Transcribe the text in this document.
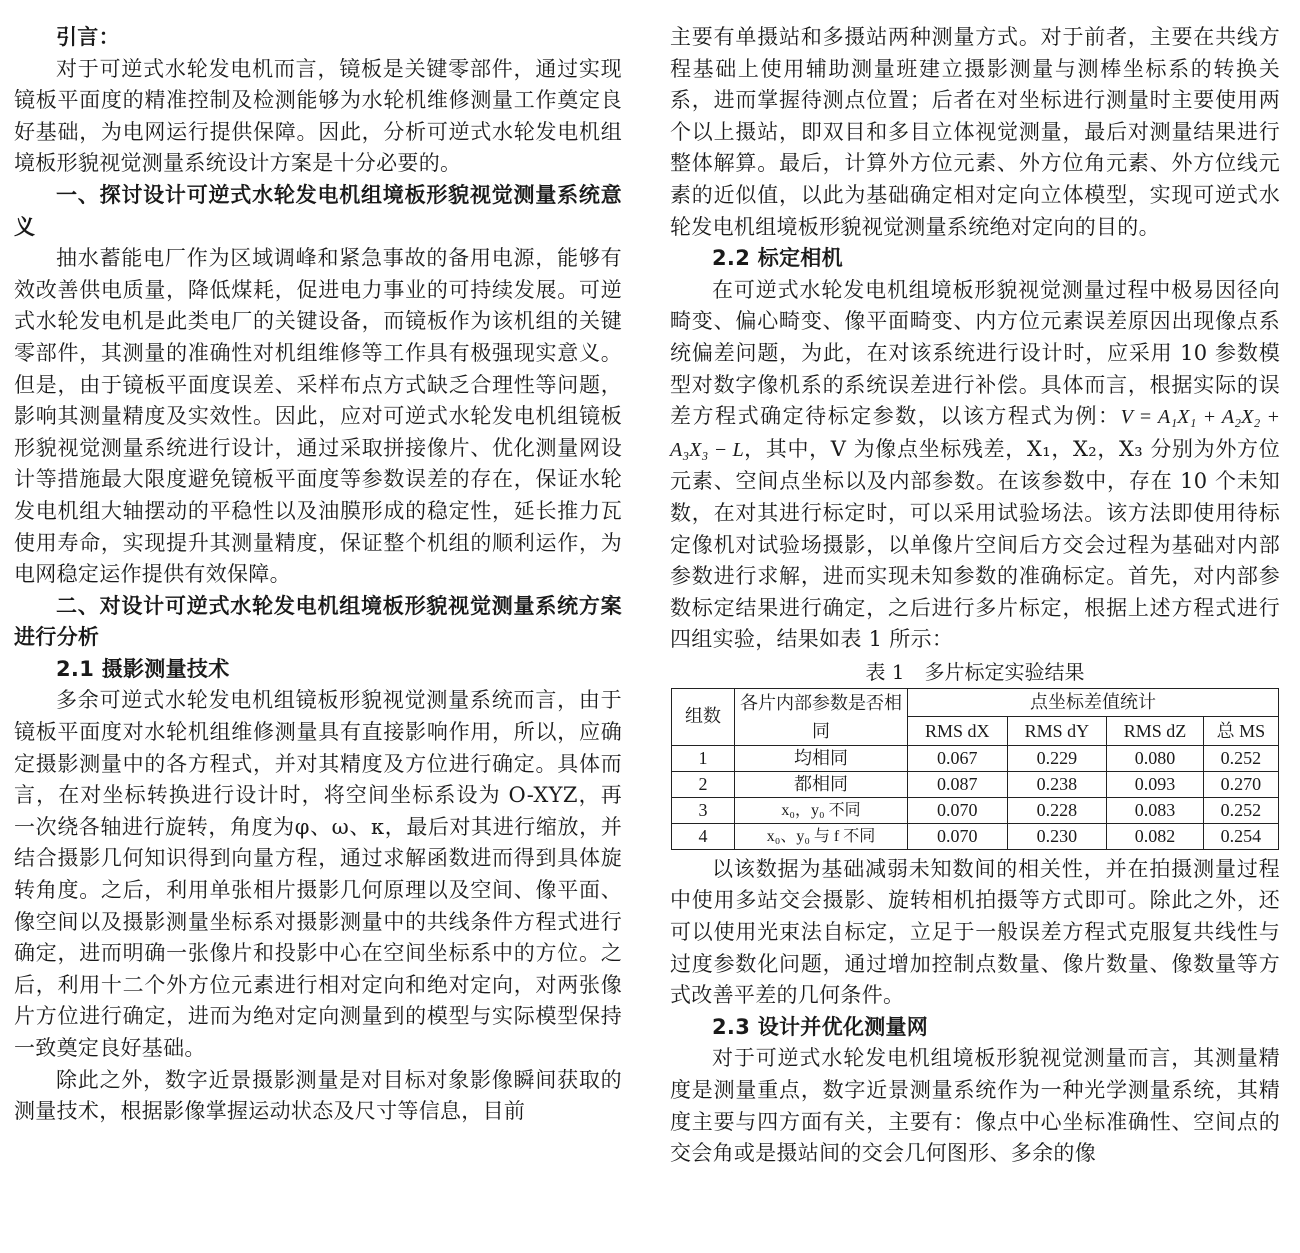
引言：

对于可逆式水轮发电机而言，镜板是关键零部件，通过实现镜板平面度的精准控制及检测能够为水轮机维修测量工作奠定良好基础，为电网运行提供保障。因此，分析可逆式水轮发电机组境板形貌视觉测量系统设计方案是十分必要的。

一、探讨设计可逆式水轮发电机组境板形貌视觉测量系统意义

抽水蓄能电厂作为区域调峰和紧急事故的备用电源，能够有效改善供电质量，降低煤耗，促进电力事业的可持续发展。可逆式水轮发电机是此类电厂的关键设备，而镜板作为该机组的关键零部件，其测量的准确性对机组维修等工作具有极强现实意义。但是，由于镜板平面度误差、采样布点方式缺乏合理性等问题，影响其测量精度及实效性。因此，应对可逆式水轮发电机组镜板形貌视觉测量系统进行设计，通过采取拼接像片、优化测量网设计等措施最大限度避免镜板平面度等参数误差的存在，保证水轮发电机组大轴摆动的平稳性以及油膜形成的稳定性，延长推力瓦使用寿命，实现提升其测量精度，保证整个机组的顺利运作，为电网稳定运作提供有效保障。

二、对设计可逆式水轮发电机组境板形貌视觉测量系统方案进行分析
2.1 摄影测量技术

多余可逆式水轮发电机组镜板形貌视觉测量系统而言，由于镜板平面度对水轮机组维修测量具有直接影响作用，所以，应确定摄影测量中的各方程式，并对其精度及方位进行确定。具体而言，在对坐标转换进行设计时，将空间坐标系设为 O-XYZ，再一次绕各轴进行旋转，角度为φ、ω、κ，最后对其进行缩放，并结合摄影几何知识得到向量方程，通过求解函数进而得到具体旋转角度。之后，利用单张相片摄影几何原理以及空间、像平面、像空间以及摄影测量坐标系对摄影测量中的共线条件方程式进行确定，进而明确一张像片和投影中心在空间坐标系中的方位。之后，利用十二个外方位元素进行相对定向和绝对定向，对两张像片方位进行确定，进而为绝对定向测量到的模型与实际模型保持一致奠定良好基础。

除此之外，数字近景摄影测量是对目标对象影像瞬间获取的测量技术，根据影像掌握运动状态及尺寸等信息，目前

主要有单摄站和多摄站两种测量方式。对于前者，主要在共线方程基础上使用辅助测量班建立摄影测量与测棒坐标系的转换关系，进而掌握待测点位置；后者在对坐标进行测量时主要使用两个以上摄站，即双目和多目立体视觉测量，最后对测量结果进行整体解算。最后，计算外方位元素、外方位角元素、外方位线元素的近似值，以此为基础确定相对定向立体模型，实现可逆式水轮发电机组境板形貌视觉测量系统绝对定向的目的。

2.2 标定相机

在可逆式水轮发电机组境板形貌视觉测量过程中极易因径向畸变、偏心畸变、像平面畸变、内方位元素误差原因出现像点系统偏差问题，为此，在对该系统进行设计时，应采用 10 参数模型对数字像机系的系统误差进行补偿。具体而言，根据实际的误差方程式确定待标定参数，以该方程式为例：V = A₁X₁ + A₂X₂ + A₃X₃ − L，其中，V 为像点坐标残差，X₁，X₂，X₃ 分别为外方位元素、空间点坐标以及内部参数。在该参数中，存在 10 个未知数，在对其进行标定时，可以采用试验场法。该方法即使用待标定像机对试验场摄影，以单像片空间后方交会过程为基础对内部参数进行求解，进而实现未知参数的准确标定。首先，对内部参数标定结果进行确定，之后进行多片标定，根据上述方程式进行四组实验，结果如表 1 所示：

表 1　多片标定实验结果
组数	各片内部参数是否相同	点坐标差值统计			
		RMS dX	RMS dY	RMS dZ	总 MS
1	均相同	0.067	0.229	0.080	0.252
2	都相同	0.087	0.238	0.093	0.270
3	x₀，y₀ 不同	0.070	0.228	0.083	0.252
4	x₀、y₀ 与 f 不同	0.070	0.230	0.082	0.254

以该数据为基础减弱未知数间的相关性，并在拍摄测量过程中使用多站交会摄影、旋转相机拍摄等方式即可。除此之外，还可以使用光束法自标定，立足于一般误差方程式克服复共线性与过度参数化问题，通过增加控制点数量、像片数量、像数量等方式改善平差的几何条件。

2.3 设计并优化测量网

对于可逆式水轮发电机组境板形貌视觉测量而言，其测量精度是测量重点，数字近景测量系统作为一种光学测量系统，其精度主要与四方面有关，主要有：像点中心坐标准确性、空间点的交会角或是摄站间的交会几何图形、多余的像
